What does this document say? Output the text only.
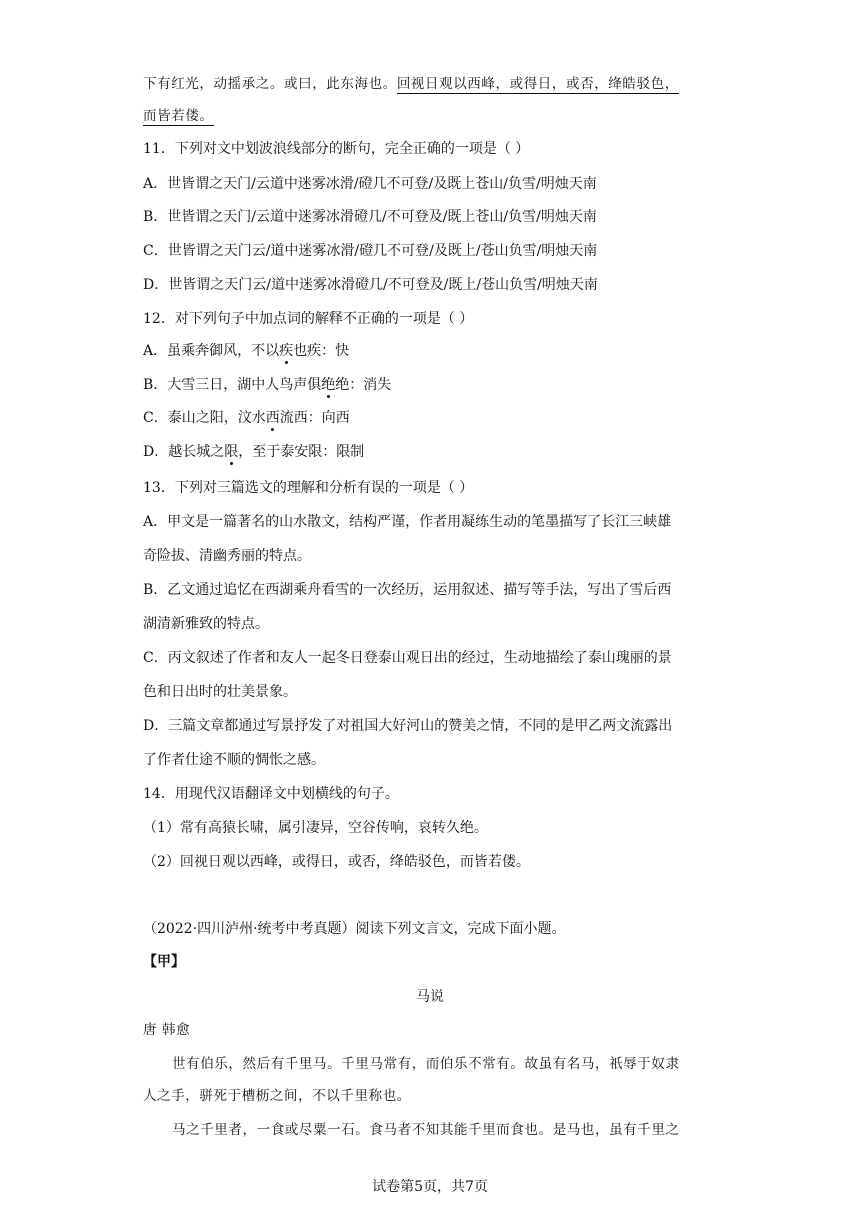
下有红光，动摇承之。或曰，此东海也。回视日观以西峰，或得日，或否，绛皓驳色，
而皆若偻。
11．下列对文中划波浪线部分的断句，完全正确的一项是（ ）
A．世皆谓之天门/云道中迷雾冰滑/磴几不可登/及既上苍山/负雪/明烛天南
B．世皆谓之天门/云道中迷雾冰滑磴几/不可登及/既上苍山/负雪/明烛天南
C．世皆谓之天门云/道中迷雾冰滑/磴几不可登/及既上/苍山负雪/明烛天南
D．世皆谓之天门云/道中迷雾冰滑磴几/不可登及/既上/苍山负雪/明烛天南
12．对下列句子中加点词的解释不正确的一项是（ ）
A．虽乘奔御风，不以疾也疾：快
B．大雪三日，湖中人鸟声俱绝绝：消失
C．泰山之阳，汶水西流西：向西
D．越长城之限，至于泰安限：限制
13．下列对三篇选文的理解和分析有误的一项是（ ）
A．甲文是一篇著名的山水散文，结构严谨，作者用凝练生动的笔墨描写了长江三峡雄
奇险拔、清幽秀丽的特点。
B．乙文通过追忆在西湖乘舟看雪的一次经历，运用叙述、描写等手法，写出了雪后西
湖清新雅致的特点。
C．丙文叙述了作者和友人一起冬日登泰山观日出的经过，生动地描绘了泰山瑰丽的景
色和日出时的壮美景象。
D．三篇文章都通过写景抒发了对祖国大好河山的赞美之情，不同的是甲乙两文流露出
了作者仕途不顺的惆怅之感。
14．用现代汉语翻译文中划横线的句子。
（1）常有高猿长啸，属引凄异，空谷传响，哀转久绝。
（2）回视日观以西峰，或得日，或否，绛皓驳色，而皆若偻。
（2022·四川泸州·统考中考真题）阅读下列文言文，完成下面小题。
【甲】
马说
唐 韩愈
世有伯乐，然后有千里马。千里马常有，而伯乐不常有。故虽有名马，祇辱于奴隶
人之手，骈死于槽枥之间，不以千里称也。
马之千里者，一食或尽粟一石。食马者不知其能千里而食也。是马也，虽有千里之
试卷第5页，共7页
